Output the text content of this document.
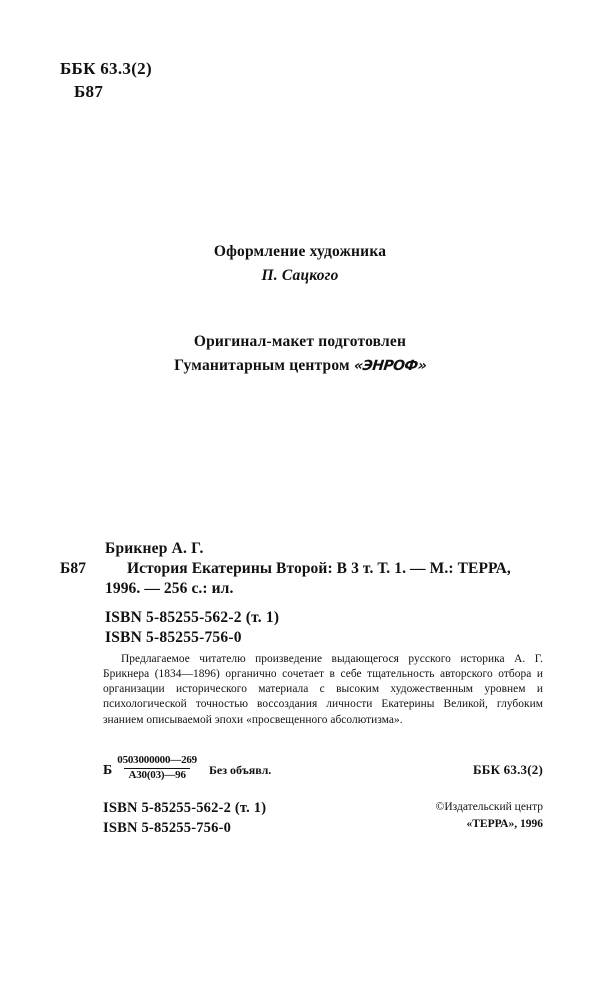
ББК 63.3(2)
Б87
Оформление художника
П. Сацкого
Оригинал-макет подготовлен
Гуманитарным центром «ЭНРОФ»
Брикнер А. Г.
Б87	История Екатерины Второй: В 3 т. Т. 1. — М.: ТЕРРА,
1996. — 256 с.: ил.
ISBN 5-85255-562-2 (т. 1)
ISBN 5-85255-756-0
Предлагаемое читателю произведение выдающегося русского историка А. Г. Брикнера (1834—1896) органично сочетает в себе тщательность авторского отбора и организации исторического материала с высоким художественным уровнем и психологической точностью воссоздания личности Екатерины Великой, глубоким знанием описываемой эпохи «просвещенного абсолютизма».
Б $\frac{0503000000—269}{А30(03)—96}$ Без объявл.	ББК 63.3(2)
ISBN 5-85255-562-2 (т. 1)
ISBN 5-85255-756-0
©Издательский центр
«ТЕРРА», 1996
